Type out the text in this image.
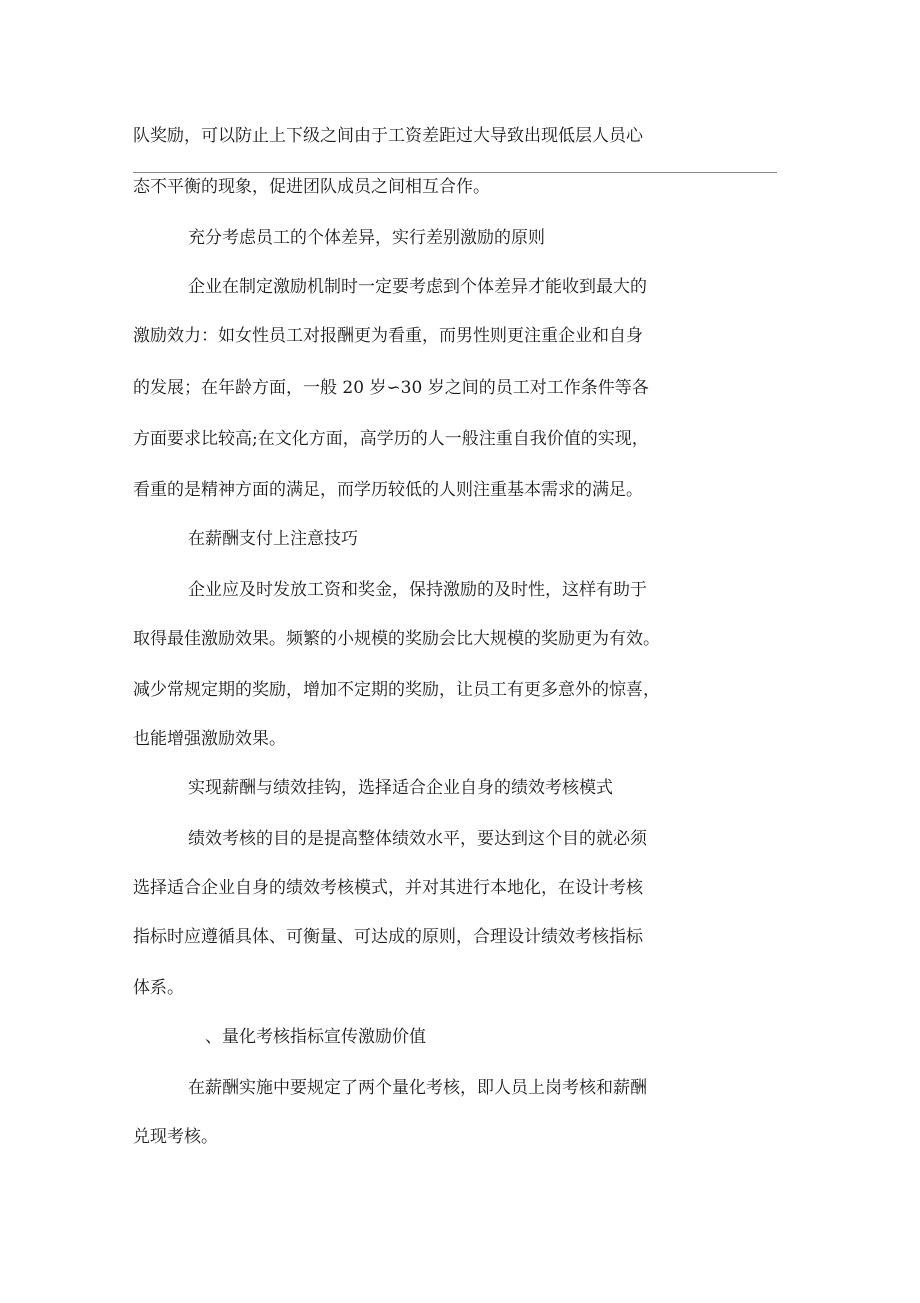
队奖励，可以防止上下级之间由于工资差距过大导致出现低层人员心
态不平衡的现象，促进团队成员之间相互合作。
充分考虑员工的个体差异，实行差别激励的原则
企业在制定激励机制时一定要考虑到个体差异才能收到最大的
激励效力：如女性员工对报酬更为看重，而男性则更注重企业和自身
的发展；在年龄方面，一般 20 岁∽30 岁之间的员工对工作条件等各
方面要求比较高;在文化方面，高学历的人一般注重自我价值的实现，
看重的是精神方面的满足，而学历较低的人则注重基本需求的满足。
在薪酬支付上注意技巧
企业应及时发放工资和奖金，保持激励的及时性，这样有助于
取得最佳激励效果。频繁的小规模的奖励会比大规模的奖励更为有效。
减少常规定期的奖励，增加不定期的奖励，让员工有更多意外的惊喜，
也能增强激励效果。
实现薪酬与绩效挂钩，选择适合企业自身的绩效考核模式
绩效考核的目的是提高整体绩效水平，要达到这个目的就必须
选择适合企业自身的绩效考核模式，并对其进行本地化，在设计考核
指标时应遵循具体、可衡量、可达成的原则，合理设计绩效考核指标
体系。
、量化考核指标宣传激励价值
在薪酬实施中要规定了两个量化考核，即人员上岗考核和薪酬
兑现考核。
